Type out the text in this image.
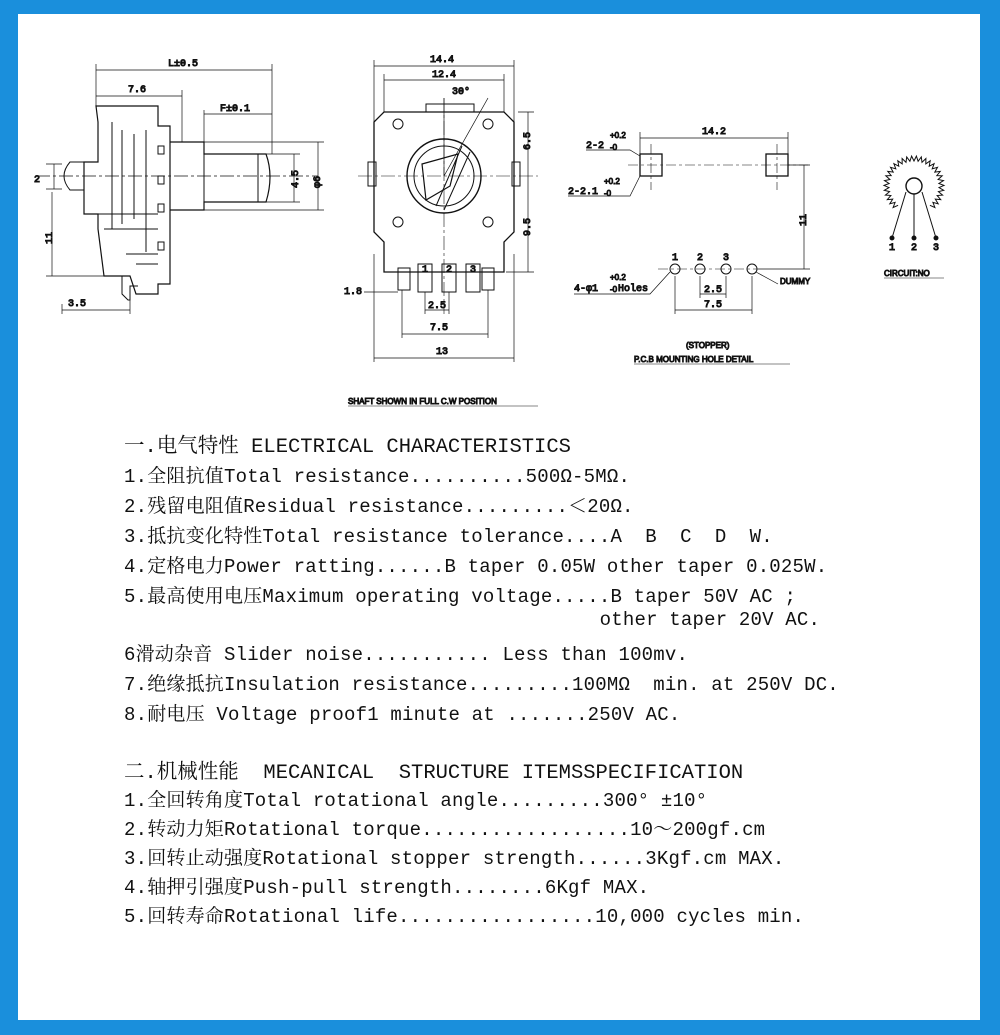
L±0.5
7.6
F±0.1
11
2	4.5 φ6
3.5
30°
1 2 3
14.4
12.4
6.5
9.5
1.8
2.5
7.5
13
SHAFT SHOWN IN FULL C.W POSITION
14.2
2-2
+0.2
-0
2-2.1
+0.2
-0
11
1 2 3
4-φ1
+0.2
-0 Holes
DUMMY
2.5
7.5
(STOPPER)
P.C.B MOUNTING HOLE DETAIL
1 2 3
CIRCUIT:NO
一.电气特性 ELECTRICAL CHARACTERISTICS
1.全阻抗值Total resistance..........500Ω-5MΩ.
2.残留电阻值Residual resistance.........＜20Ω.
3.抵抗变化特性Total resistance tolerance....A  B  C  D  W.
4.定格电力Power ratting......B taper 0.05W other taper 0.025W.
5.最高使用电压Maximum operating voltage.....B taper 50V AC ;
other taper 20V AC.
6滑动杂音 Slider noise........... Less than 100mv.
7.绝缘抵抗Insulation resistance.........100MΩ  min. at 250V DC.
8.耐电压 Voltage proof1 minute at .......250V AC.
二.机械性能  MECANICAL  STRUCTURE ITEMSSPECIFICATION
1.全回转角度Total rotational angle.........300° ±10°
2.转动力矩Rotational torque..................10～200gf.cm
3.回转止动强度Rotational stopper strength......3Kgf.cm MAX.
4.轴押引强度Push-pull strength........6Kgf MAX.
5.回转寿命Rotational life.................10,000 cycles min.
